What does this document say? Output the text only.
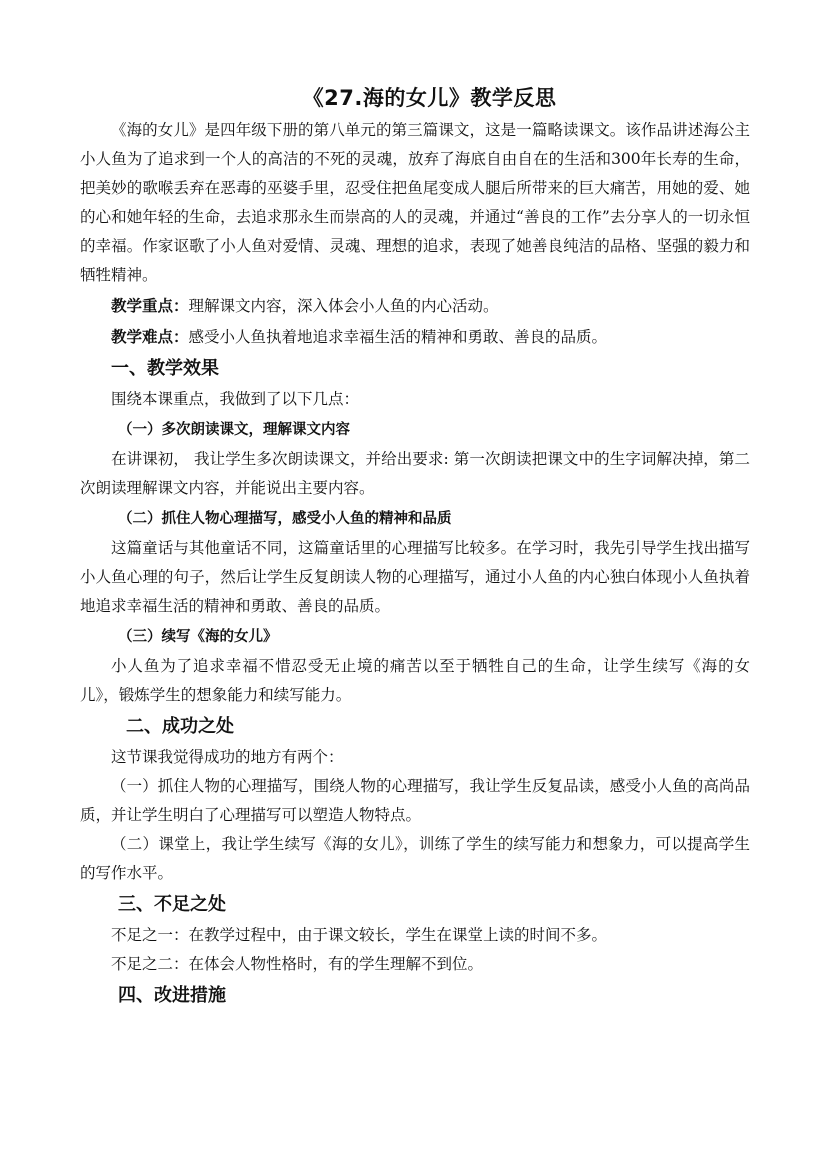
《27.海的女儿》教学反思

《海的女儿》是四年级下册的第八单元的第三篇课文，这是一篇略读课文。该作品讲述海公主小人鱼为了追求到一个人的高洁的不死的灵魂，放弃了海底自由自在的生活和300年长寿的生命，把美妙的歌喉丢弃在恶毒的巫婆手里，忍受住把鱼尾变成人腿后所带来的巨大痛苦，用她的爱、她的心和她年轻的生命，去追求那永生而崇高的人的灵魂，并通过“善良的工作”去分享人的一切永恒的幸福。作家讴歌了小人鱼对爱情、灵魂、理想的追求，表现了她善良纯洁的品格、坚强的毅力和牺牲精神。

教学重点：理解课文内容，深入体会小人鱼的内心活动。

教学难点：感受小人鱼执着地追求幸福生活的精神和勇敢、善良的品质。

一、教学效果

围绕本课重点，我做到了以下几点：

（一）多次朗读课文，理解课文内容

在讲课初， 我让学生多次朗读课文，并给出要求: 第一次朗读把课文中的生字词解决掉，第二次朗读理解课文内容，并能说出主要内容。

（二）抓住人物心理描写，感受小人鱼的精神和品质

这篇童话与其他童话不同，这篇童话里的心理描写比较多。在学习时，我先引导学生找出描写小人鱼心理的句子，然后让学生反复朗读人物的心理描写，通过小人鱼的内心独白体现小人鱼执着地追求幸福生活的精神和勇敢、善良的品质。

（三）续写《海的女儿》

小人鱼为了追求幸福不惜忍受无止境的痛苦以至于牺牲自己的生命，让学生续写《海的女儿》，锻炼学生的想象能力和续写能力。

二、成功之处

这节课我觉得成功的地方有两个：

（一）抓住人物的心理描写，围绕人物的心理描写，我让学生反复品读，感受小人鱼的高尚品质，并让学生明白了心理描写可以塑造人物特点。

（二）课堂上，我让学生续写《海的女儿》，训练了学生的续写能力和想象力，可以提高学生的写作水平。

三、不足之处

不足之一：在教学过程中，由于课文较长，学生在课堂上读的时间不多。

不足之二：在体会人物性格时，有的学生理解不到位。

四、改进措施
